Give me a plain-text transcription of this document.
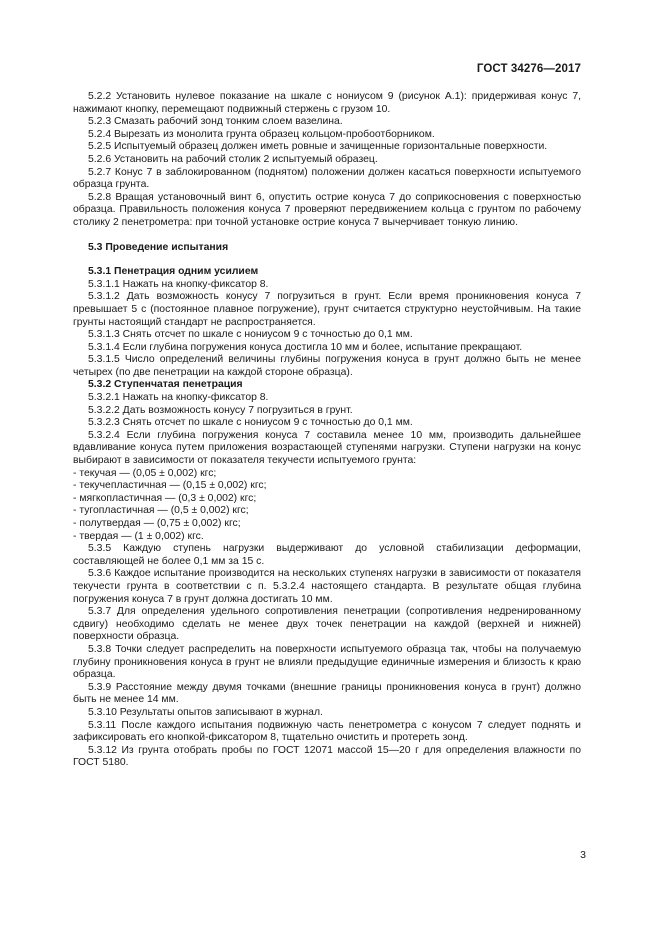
ГОСТ 34276—2017

5.2.2 Установить нулевое показание на шкале с нониусом 9 (рисунок А.1): придерживая конус 7, нажимают кнопку, перемещают подвижный стержень с грузом 10.

5.2.3 Смазать рабочий зонд тонким слоем вазелина.

5.2.4 Вырезать из монолита грунта образец кольцом-пробоотборником.

5.2.5 Испытуемый образец должен иметь ровные и зачищенные горизонтальные поверхности.

5.2.6 Установить на рабочий столик 2 испытуемый образец.

5.2.7 Конус 7 в заблокированном (поднятом) положении должен касаться поверхности испытуемого образца грунта.

5.2.8 Вращая установочный винт 6, опустить острие конуса 7 до соприкосновения с поверхностью образца. Правильность положения конуса 7 проверяют передвижением кольца с грунтом по рабочему столику 2 пенетрометра: при точной установке острие конуса 7 вычерчивает тонкую линию.

5.3 Проведение испытания

5.3.1 Пенетрация одним усилием

5.3.1.1 Нажать на кнопку-фиксатор 8.

5.3.1.2 Дать возможность конусу 7 погрузиться в грунт. Если время проникновения конуса 7 превышает 5 с (постоянное плавное погружение), грунт считается структурно неустойчивым. На такие грунты настоящий стандарт не распространяется.

5.3.1.3 Снять отсчет по шкале с нониусом 9 с точностью до 0,1 мм.

5.3.1.4 Если глубина погружения конуса достигла 10 мм и более, испытание прекращают.

5.3.1.5 Число определений величины глубины погружения конуса в грунт должно быть не менее четырех (по две пенетрации на каждой стороне образца).

5.3.2 Ступенчатая пенетрация

5.3.2.1 Нажать на кнопку-фиксатор 8.

5.3.2.2 Дать возможность конусу 7 погрузиться в грунт.

5.3.2.3 Снять отсчет по шкале с нониусом 9 с точностью до 0,1 мм.

5.3.2.4 Если глубина погружения конуса 7 составила менее 10 мм, производить дальнейшее вдавливание конуса путем приложения возрастающей ступенями нагрузки. Ступени нагрузки на конус выбирают в зависимости от показателя текучести испытуемого грунта:

- текучая — (0,05 ± 0,002) кгс;

- текучепластичная — (0,15 ± 0,002) кгс;

- мягкопластичная — (0,3 ± 0,002) кгс;

- тугопластичная — (0,5 ± 0,002) кгс;

- полутвердая — (0,75 ± 0,002) кгс;

- твердая — (1 ± 0,002) кгс.

5.3.5 Каждую ступень нагрузки выдерживают до условной стабилизации деформации, составляющей не более 0,1 мм за 15 с.

5.3.6 Каждое испытание производится на нескольких ступенях нагрузки в зависимости от показателя текучести грунта в соответствии с п. 5.3.2.4 настоящего стандарта. В результате общая глубина погружения конуса 7 в грунт должна достигать 10 мм.

5.3.7 Для определения удельного сопротивления пенетрации (сопротивления недренированному сдвигу) необходимо сделать не менее двух точек пенетрации на каждой (верхней и нижней) поверхности образца.

5.3.8 Точки следует распределить на поверхности испытуемого образца так, чтобы на получаемую глубину проникновения конуса в грунт не влияли предыдущие единичные измерения и близость к краю образца.

5.3.9 Расстояние между двумя точками (внешние границы проникновения конуса в грунт) должно быть не менее 14 мм.

5.3.10 Результаты опытов записывают в журнал.

5.3.11 После каждого испытания подвижную часть пенетрометра с конусом 7 следует поднять и зафиксировать его кнопкой-фиксатором 8, тщательно очистить и протереть зонд.

5.3.12 Из грунта отобрать пробы по ГОСТ 12071 массой 15—20 г для определения влажности по ГОСТ 5180.

3
